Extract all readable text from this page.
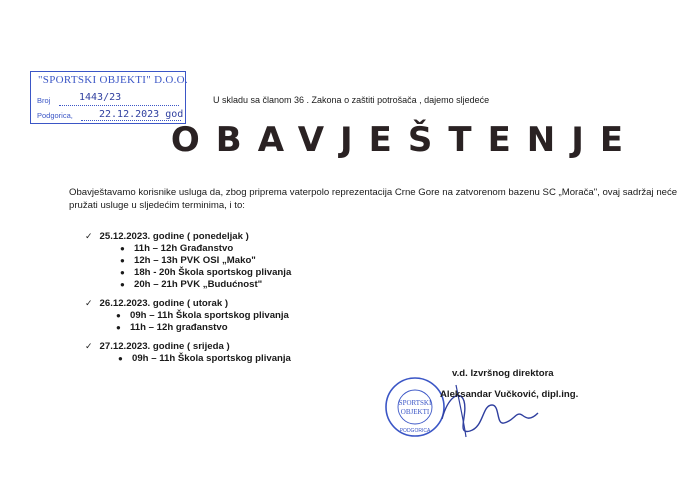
"SPORTSKI OBJEKTI" D.O.O.
Broj	1443/23
Podgorica,	22.12.2023 god
U skladu sa članom 36 . Zakona o zaštiti potrošača , dajemo sljedeće
OBAVJEŠTENJE
Obavještavamo korisnike usluga da, zbog priprema vaterpolo reprezentacija Crne Gore na zatvorenom bazenu SC „Morača", ovaj sadržaj neće pružati usluge u sljedećim terminima, i to:
✓ 25.12.2023. godine ( ponedeljak )
● 11h – 12h Građanstvo
● 12h – 13h PVK OSI „Mako"
● 18h - 20h Škola sportskog plivanja
● 20h – 21h PVK „Budućnost"
✓ 26.12.2023. godine ( utorak )
● 09h – 11h Škola sportskog plivanja
● 11h – 12h građanstvo
✓ 27.12.2023. godine ( srijeda )
● 09h – 11h Škola sportskog plivanja
v.d. Izvršnog direktora
SPORTSKI
OBJEKTI
PODGORICA
Aleksandar Vučković, dipl.ing.
